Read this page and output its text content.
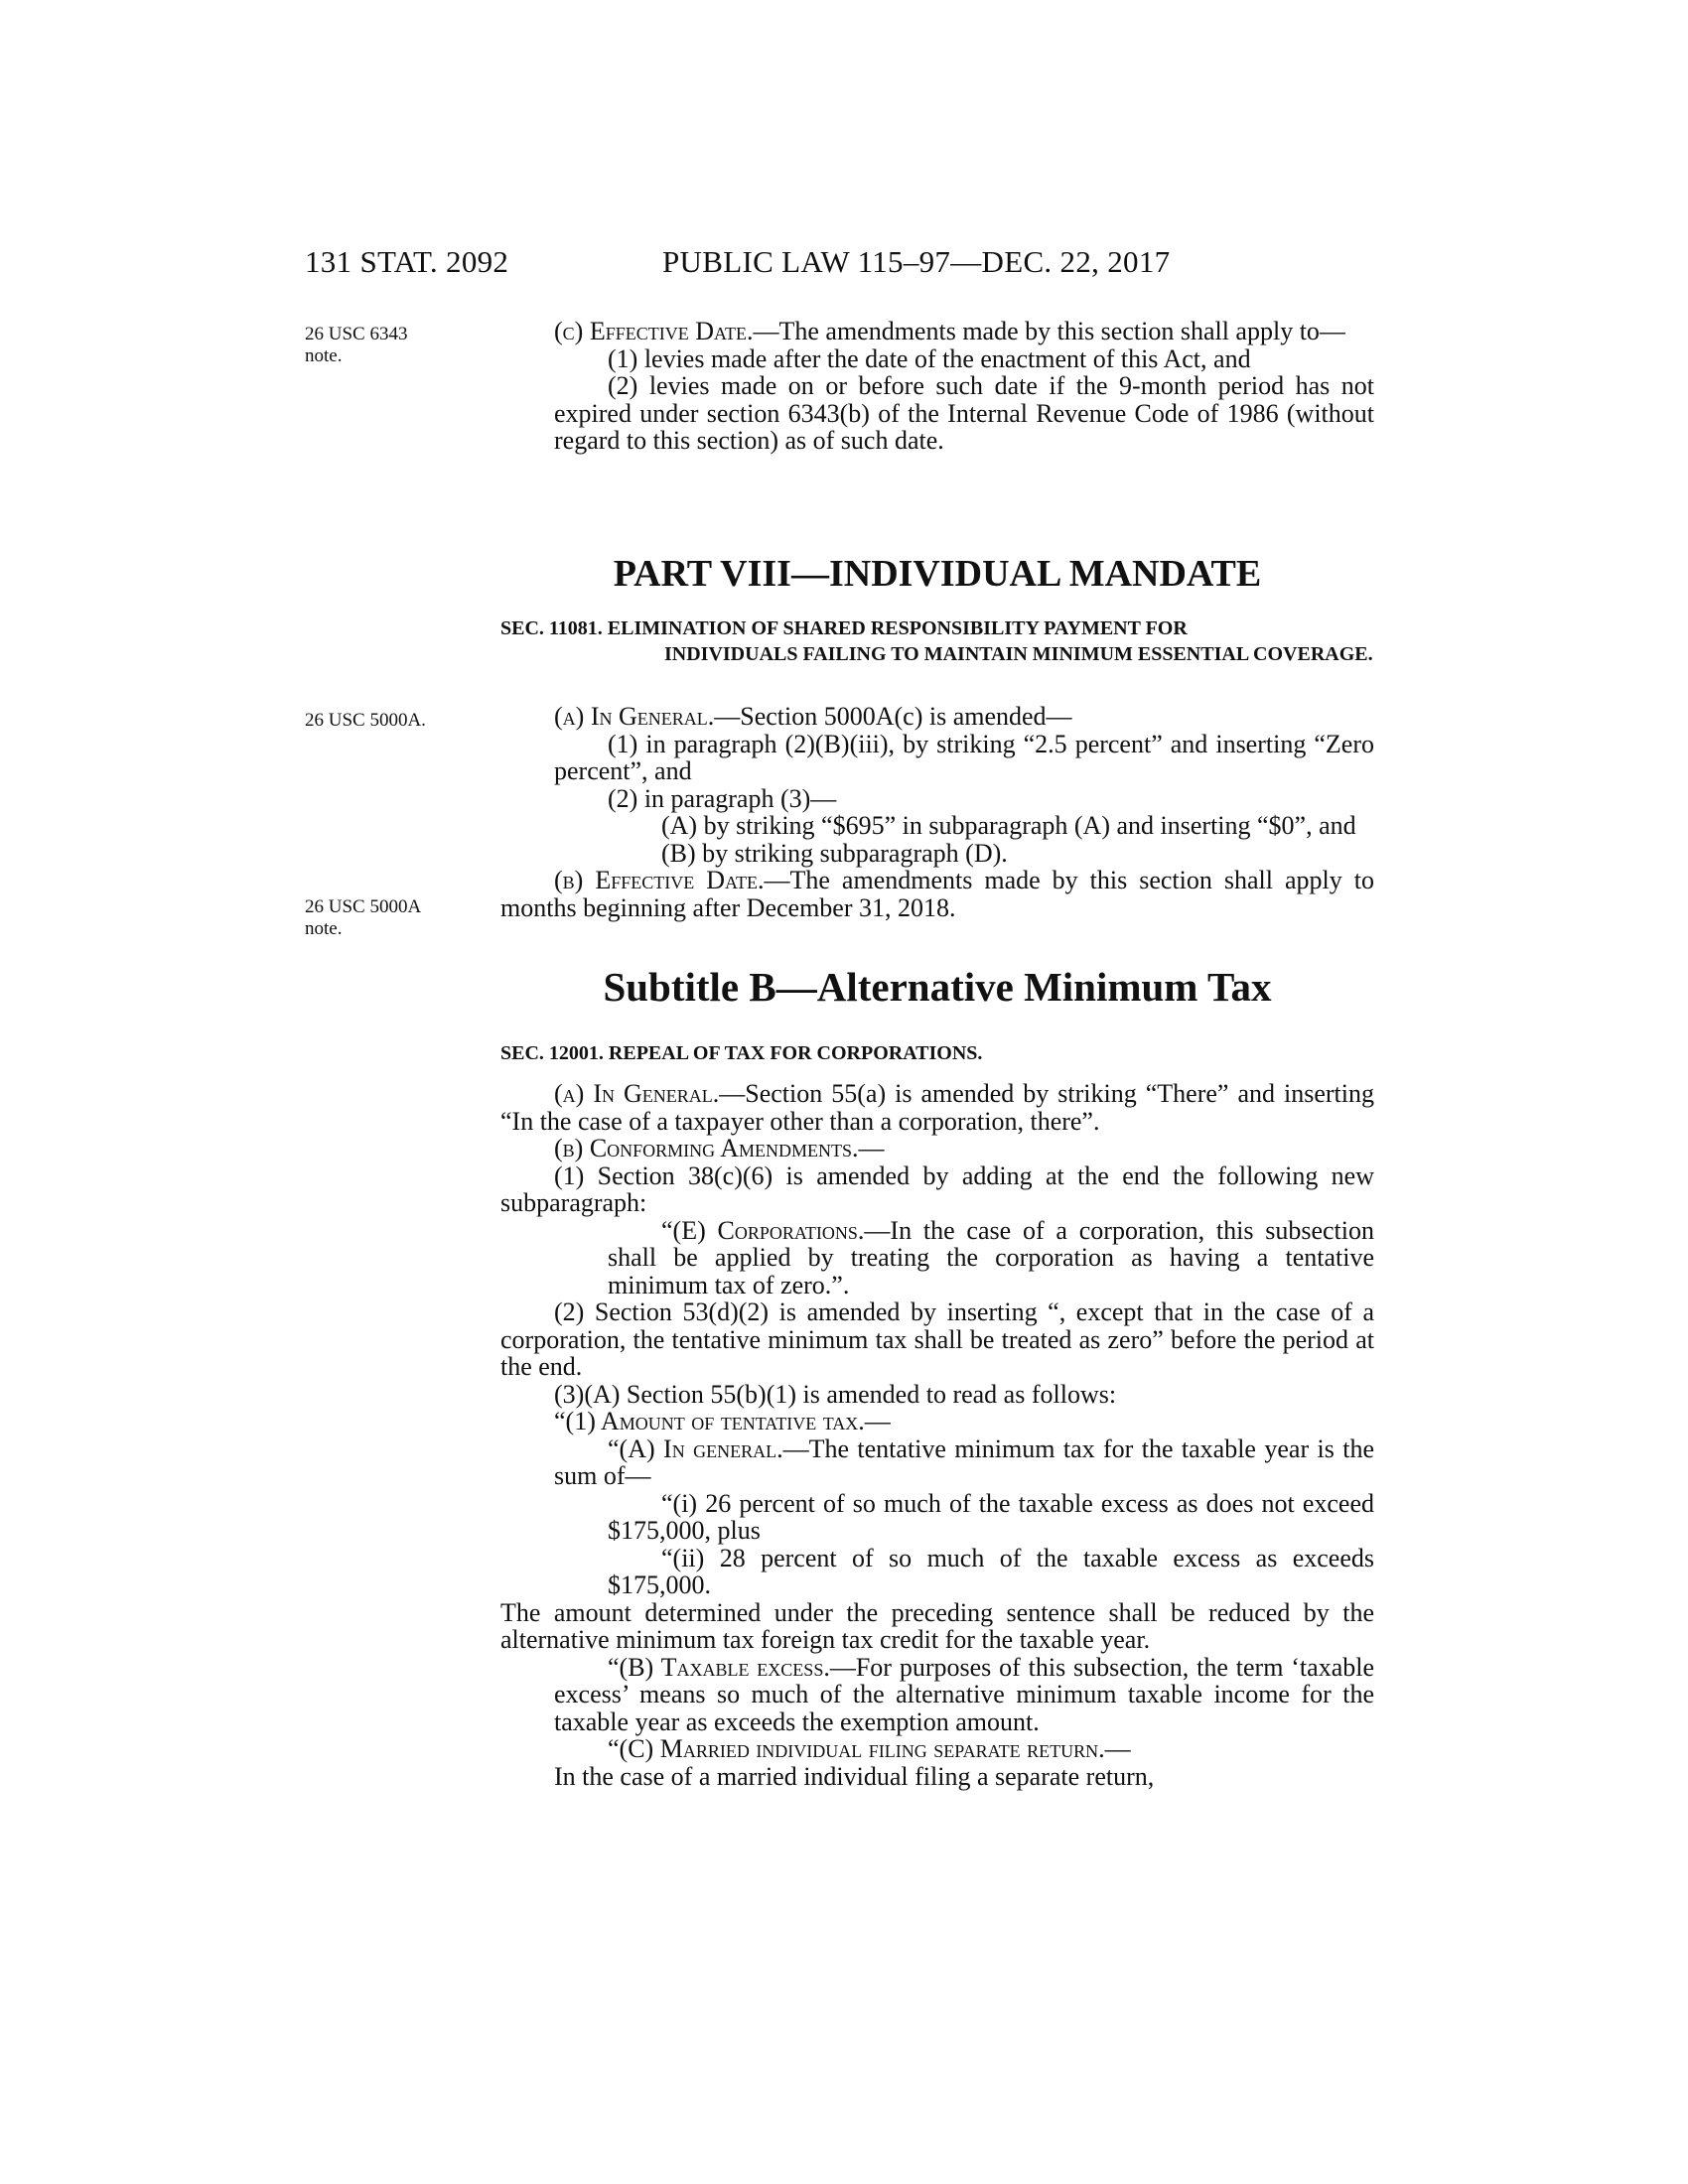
131 STAT. 2092	PUBLIC LAW 115–97—DEC. 22, 2017
26 USC 6343
note.
26 USC 5000A.
26 USC 5000A
note.

(c) Effective Date.—The amendments made by this section shall apply to—

(1) levies made after the date of the enactment of this Act, and

(2) levies made on or before such date if the 9-month period has not expired under section 6343(b) of the Internal Revenue Code of 1986 (without regard to this section) as of such date.

PART VIII—INDIVIDUAL MANDATE
SEC. 11081. ELIMINATION OF SHARED RESPONSIBILITY PAYMENT FOR
INDIVIDUALS FAILING TO MAINTAIN MINIMUM ESSENTIAL COVERAGE.

(a) In General.—Section 5000A(c) is amended—

(1) in paragraph (2)(B)(iii), by striking “2.5 percent” and inserting “Zero percent”, and

(2) in paragraph (3)—

(A) by striking “$695” in subparagraph (A) and inserting “$0”, and

(B) by striking subparagraph (D).

(b) Effective Date.—The amendments made by this section shall apply to months beginning after December 31, 2018.

Subtitle B—Alternative Minimum Tax
SEC. 12001. REPEAL OF TAX FOR CORPORATIONS.

(a) In General.—Section 55(a) is amended by striking “There” and inserting “In the case of a taxpayer other than a corporation, there”.

(b) Conforming Amendments.—

(1) Section 38(c)(6) is amended by adding at the end the following new subparagraph:

“(E) Corporations.—In the case of a corporation, this subsection shall be applied by treating the corporation as having a tentative minimum tax of zero.”.

(2) Section 53(d)(2) is amended by inserting “, except that in the case of a corporation, the tentative minimum tax shall be treated as zero” before the period at the end.

(3)(A) Section 55(b)(1) is amended to read as follows:

“(1) Amount of tentative tax.—

“(A) In general.—The tentative minimum tax for the taxable year is the sum of—

“(i) 26 percent of so much of the taxable excess as does not exceed $175,000, plus

“(ii) 28 percent of so much of the taxable excess as exceeds $175,000.

The amount determined under the preceding sentence shall be reduced by the alternative minimum tax foreign tax credit for the taxable year.

“(B) Taxable excess.—For purposes of this subsection, the term ‘taxable excess’ means so much of the alternative minimum taxable income for the taxable year as exceeds the exemption amount.

“(C) Married individual filing separate return.—

In the case of a married individual filing a separate return,
